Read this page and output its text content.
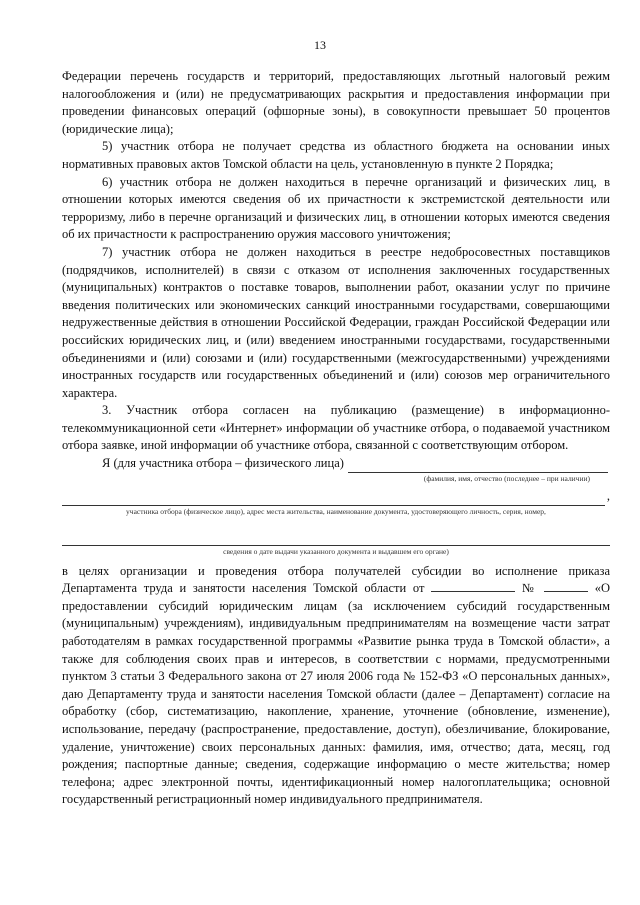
13

Федерации перечень государств и территорий, предоставляющих льготный налоговый режим налогообложения и (или) не предусматривающих раскрытия и предоставления информации при проведении финансовых операций (офшорные зоны), в совокупности превышает 50 процентов (юридические лица);

5) участник отбора не получает средства из областного бюджета на основании иных нормативных правовых актов Томской области на цель, установленную в пункте 2 Порядка;

6) участник отбора не должен находиться в перечне организаций и физических лиц, в отношении которых имеются сведения об их причастности к экстремистской деятельности или терроризму, либо в перечне организаций и физических лиц, в отношении которых имеются сведения об их причастности к распространению оружия массового уничтожения;

7) участник отбора не должен находиться в реестре недобросовестных поставщиков (подрядчиков, исполнителей) в связи с отказом от исполнения заключенных государственных (муниципальных) контрактов о поставке товаров, выполнении работ, оказании услуг по причине введения политических или экономических санкций иностранными государствами, совершающими недружественные действия в отношении Российской Федерации, граждан Российской Федерации или российских юридических лиц, и (или) введением иностранными государствами, государственными объединениями и (или) союзами и (или) государственными (межгосударственными) учреждениями иностранных государств или государственных объединений и (или) союзов мер ограничительного характера.

3. Участник отбора согласен на публикацию (размещение) в информационно-телекоммуникационной сети «Интернет» информации об участнике отбора, о подаваемой участником отбора заявке, иной информации об участнике отбора, связанной с соответствующим отбором.

Я (для участника отбора – физического лица)
(фамилия, имя, отчество (последнее – при наличии)
,
участника отбора (физическое лицо), адрес места жительства, наименование документа, удостоверяющего личность, серия, номер,
сведения о дате выдачи указанного документа и выдавшем его органе)

в целях организации и проведения отбора получателей субсидии во исполнение приказа Департамента труда и занятости населения Томской области от	№	«О предоставлении субсидий юридическим лицам (за исключением субсидий государственным (муниципальным) учреждениям), индивидуальным предпринимателям на возмещение части затрат работодателям в рамках государственной программы «Развитие рынка труда в Томской области», а также для соблюдения своих прав и интересов, в соответствии с нормами, предусмотренными пунктом 3 статьи 3 Федерального закона от 27 июля 2006 года № 152-ФЗ «О персональных данных», даю Департаменту труда и занятости населения Томской области (далее – Департамент) согласие на обработку (сбор, систематизацию, накопление, хранение, уточнение (обновление, изменение), использование, передачу (распространение, предоставление, доступ), обезличивание, блокирование, удаление, уничтожение) своих персональных данных: фамилия, имя, отчество; дата, месяц, год рождения; паспортные данные; сведения, содержащие информацию о месте жительства; номер телефона; адрес электронной почты, идентификационный номер налогоплательщика; основной государственный регистрационный номер индивидуального предпринимателя.
